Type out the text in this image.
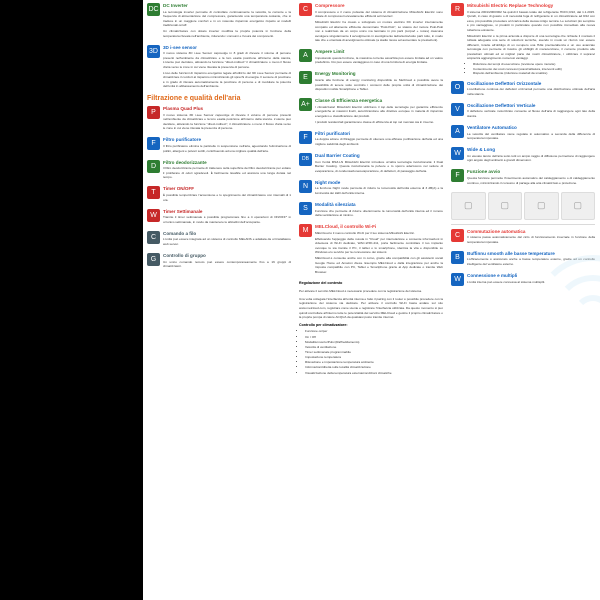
DC
DC Inverter

La tecnologia inverter permette di controllare continuamente la velocità, la corrente e la frequenza di alimentazione del compressore, garantendo una temperatura costante, che si traduce in un maggiore comfort e in un notevole risparmio energetico rispetto ai modelli tradizionali on/off.

Un climatizzatore con dotato inverter modifica la propria potenza in funzione della temperatura rilevata nell'ambiente, riducendo i consumi e l'usura dei componenti.

3D
3D i-see sensor

Il nuovo sistema 3D i-see Sensor capovolge in 8 gradi di rilevare il volume di persone presenti nell'ambiente da climatizzare e la loro esatta posizione all'interno della stanza, L'utente può decidere, attivando la funzione "direct-indirect" il climatizzatore o meno il flusso d'aria verso le zone in cui viene rilevata la presenza di persone.

L'uso delle funzioni di risparmio energetico legate all'utilizzo del 3D i-see Sensor permette di climatizzare il comfort al risparmio minimizzando gli sprechi di energia. Il sensore di posizione è in grado di rilevare automaticamente la posizione di persone e di modulare la potenza dell'unità in abbassamento dell'ambiente.

Filtrazione e qualità dell'aria
P
Plasma Quad Plus

Il nuovo sistema 3D i-see Sensor capovolge di rilevare il volume di persone presenti nell'ambiente da climatizzare e la loro esatta posizione all'interno della stanza. L'utente può decidere, attivando la funzione "direct-indirect", il climatizzatore o meno il flusso d'aria verso le zone in cui viene rilevata la presenza di persone.

F
Filtro purificatore

Il filtro purificatore elimina le particelle in sospensione nell'aria, agevolando l'eliminazione di pollini, allergeni e polveri sottili, contribuendo ad una migliore qualità dell'aria.

D
Filtro deodorizzante

Il filtro deodorizzante permette di trattenere sulla superficie del filtro deodorizzante per evitare il proliferare di odori sgradevoli. È facilmente lavabile ed assicura una lunga durata nel tempo.

T
Timer ON/OFF

È possibile temporizzare l'accensione e lo spegnimento del climatizzatore con intervalli di 1 ora.

W
Timer Settimanale

Tramite il timer settimanale è possibile programmare fino a 4 operazioni di ON/OFF* in un'unico settimanale, in modo da mantenere le abitudini dell'occupante.

C
Comando a filo

L'unità può essere integrata ad un sistema di controllo MELANS e adattata da un'installatore web server.

G
Controllo di gruppo

Un unico comando remoto può essere contemporaneamente fino a 16 gruppi di climatizzatori.

C
Compressore

Il compressore è il cuore pulsante del sistema di climatizzazione Mitsubishi Electric sono dotate di compressori elevatamente efficienti ad inverterr.

Mitsubishi Electric ha creato e sviluppato un motore elettrico DC inverter internamente compatto ed altamente efficiente denominato "Poki-Poki", Lo statore del motore Poki-Poki non è realizzato da un corpo unico ma laminato in più parti (corpo/i + rotore) ciascuna avvolgere singolarmente il avvolgimento in avvolgimento ladra/sotto/sotto parti tutto, in modo tale che e orientata di avvolgimento ottimale (a stadio riesce ad aumentare le prestazioni).

A
Ampere Limit

Impostando questa funzione, la massima corrente assorbita può essere limitata ad un valore predefinito. Ciò può essere vantaggioso in caso di una fornitura di energia limitata.

E
Energy Monitoring

Grazie alla funzione di energy monitoring disponibile su MelCloud è possibile avere la possibilità di tenere sotto controllo i consumi delle proprie unità di climatizzazione dei dispositivi mobile Smartphone e Tablet.

A+
Classe di Efficienza energetica

I climatizzatori Mitsubishi Electric utilizzano il top delle tecnologie per garantire efficienze energetiche ai massimi livelli, autorizzandone alle direttive europee in materia di risparmio energetico e classificazione dei prodotti.

I prodotti residenziali garantiscono classe di efficienza al top nel mercato sia in inverno.

F
Filtri purificatori

La doppia azione di filtraggio permette di ottenere una efficace purificazione dell'aria ed una migliore salubrità degli ambienti.

DB
Dual Barrier Coating

Con l'unità MSZ-LN Mitsubishi Electric introduce un'altra tecnologia rivoluzionaria: il Dual Barrier Coating. Questa rivoluzionaria la polvere e lo sporco aderiscono nel settore di evaporazione, di condensazione/evaporazione, di deflettori, di passaggio dell'aria.

N
Night mode

La funzione Night mode permette di ridurre la rumorosità dell'unità esterna di 3 dB(A) e la luminosità dei LED dell'unità interna.

S
Modalità silenziata

Funzione che permette di ridurre ulteriormente la rumorosità dell'unità interna ed il rumore della ventilazione al minimo.

M
MELCloud, il controllo Wi-Fi

MELCloud è il nuovo controllo Wi-Fi per il tuo sistema Mitsubishi Electric.

Effettuando l'appoggio della nuvola in "Cloud" per interrelazione e consente informazioni in videoteca di Wi-Fi dedicato, WAC-WIFI-411, porta facilmente controllare il tuo impianto ovunque tu sia tramite il PC, il tablet o lo smartphone, identica la vita e disponibile su Windows e/o servizio per la connessione dei sistemi.

MELCloud è consente anche con in corso, grazie alla compatibilità con gli assistenti vocali Google Home ed Amazon Alexa. Esempio MELCloud e dalla integrazione per anche la risposta compatibile con PC, Tablet e Smartphone grazie al App dedicate o tramite Web Browser.

Regolazione del contesto

Per attivare il servizio MELCloud è necessario procedere con la registrazione del sistema.

Una volta collegata l'interfaccia all'unità interna e fatto il pairing con il router è possibile procedere con la registrazione del sistema via dedicato. Per attivare il controllo Wi-Fi basta andare sul sito www.melcloud.com, registrare come utente e registrare l'interfaccia utilizzata. Da questo momento si può quindi controllare all'interno tutte le potenzialità del servizio MELCloud e gestire il proprio climatizzatore o la propria pompa di calore ACQUA da qualsiasi posto tramite internet.

Controllo per climatizzatore:
• Funzione on/per
• On / Off
• Modalità inverto/Pulsi (Raffreddamento)
• Velocità di ventilazione
• Timer settimanale programmabile
• Impostazione temperatura
• Rilevazione e impostazione temperatura ambiente
• Informazioni/diretta sulle località climatizzazione
• Visualizzazione della temperatura esterna/condizioni climatiche
R
Mitsubishi Electric Replace Technology

Il sistema 2001/2000/002 ha quindi il basato totale del refrigerante HCFC,R22, dal 1.1.2015. Quindi, in caso di guasto o di necessità fuga di refrigerante in un climatizzatore ad R22 con esso, più possibile procedere al ricarica della stessa mitigo tecnica. Le soluzioni più semplice è più vantaggiose, si prodotti in particolare quando non possibile immediato alla nuova tubazione esistente.

Mitsubishi Electric è la prima azienda a disporre di una tecnologia che richiede il montato il tubiata adeguata una serie di soluzioni tecniche, avendo in modo un ritornò non essere differenti, Grazie all'obbligo di un recupero una HAE precise/altenza è un uso avanzato tecnologia con permette di riuscire gli obblighi di manutenzione, il corrente produtto alle prestazioni ottimali ed ai migliori parte dei nostri climatizzatore, i utilizzare il sopravvi ampiezza aggiungimento numerosi vantaggi.

• Riduzione dei tempi di esecuzione (revisione opere murarie)
• Contenimento dei costi connessi (scavi/cablatura, interventi edili)
• Rispetto dell'ambiente (riduzione materiali da smaltire)
O
Oscillazione Deflettori Orizzontale

L'oscillazione continua dei deflettori orizzontali permette una distribuzione ottimale dell'aria nella stanza.

V
Oscillazione Deflettori Verticale

Il deflettore verticale motorizzato consente al flusso dell'aria di raggiungere ogni lato della stanza.

A
Ventilatore Automatico

La velocità del ventilatore viene regolata in automatico a seconda della differenza di temperatura impostata.

W
Wide & Long

Un elevato lancio dell'aria sotto tutti un ampio raggio di diffusione permettono di raggiungere ogni angolo degli ambienti a grandi dimensioni.

F
Funzione avvio

Questa funzione permette l'inserimento automatico del caldeggiamento o di caldeggiamento continuo, minimizzando il consumo di partage alla aria climatizzato e protezione.

▢	▢	▢	▢
C
Commutazione automatica

Il sistema passa automaticamente dal ciclo di funzionamento invernale in funzione della temperatura impostata.

B
Buffinnu smooth alle basse temperature

L'efficacemente è assicurato anche a basse temperature esterne, grazie ad un controllo intelligente del ventilatore esterno.

W
Connessione e multipli

L'unità interna può essere connessa al sistema multisplit.
